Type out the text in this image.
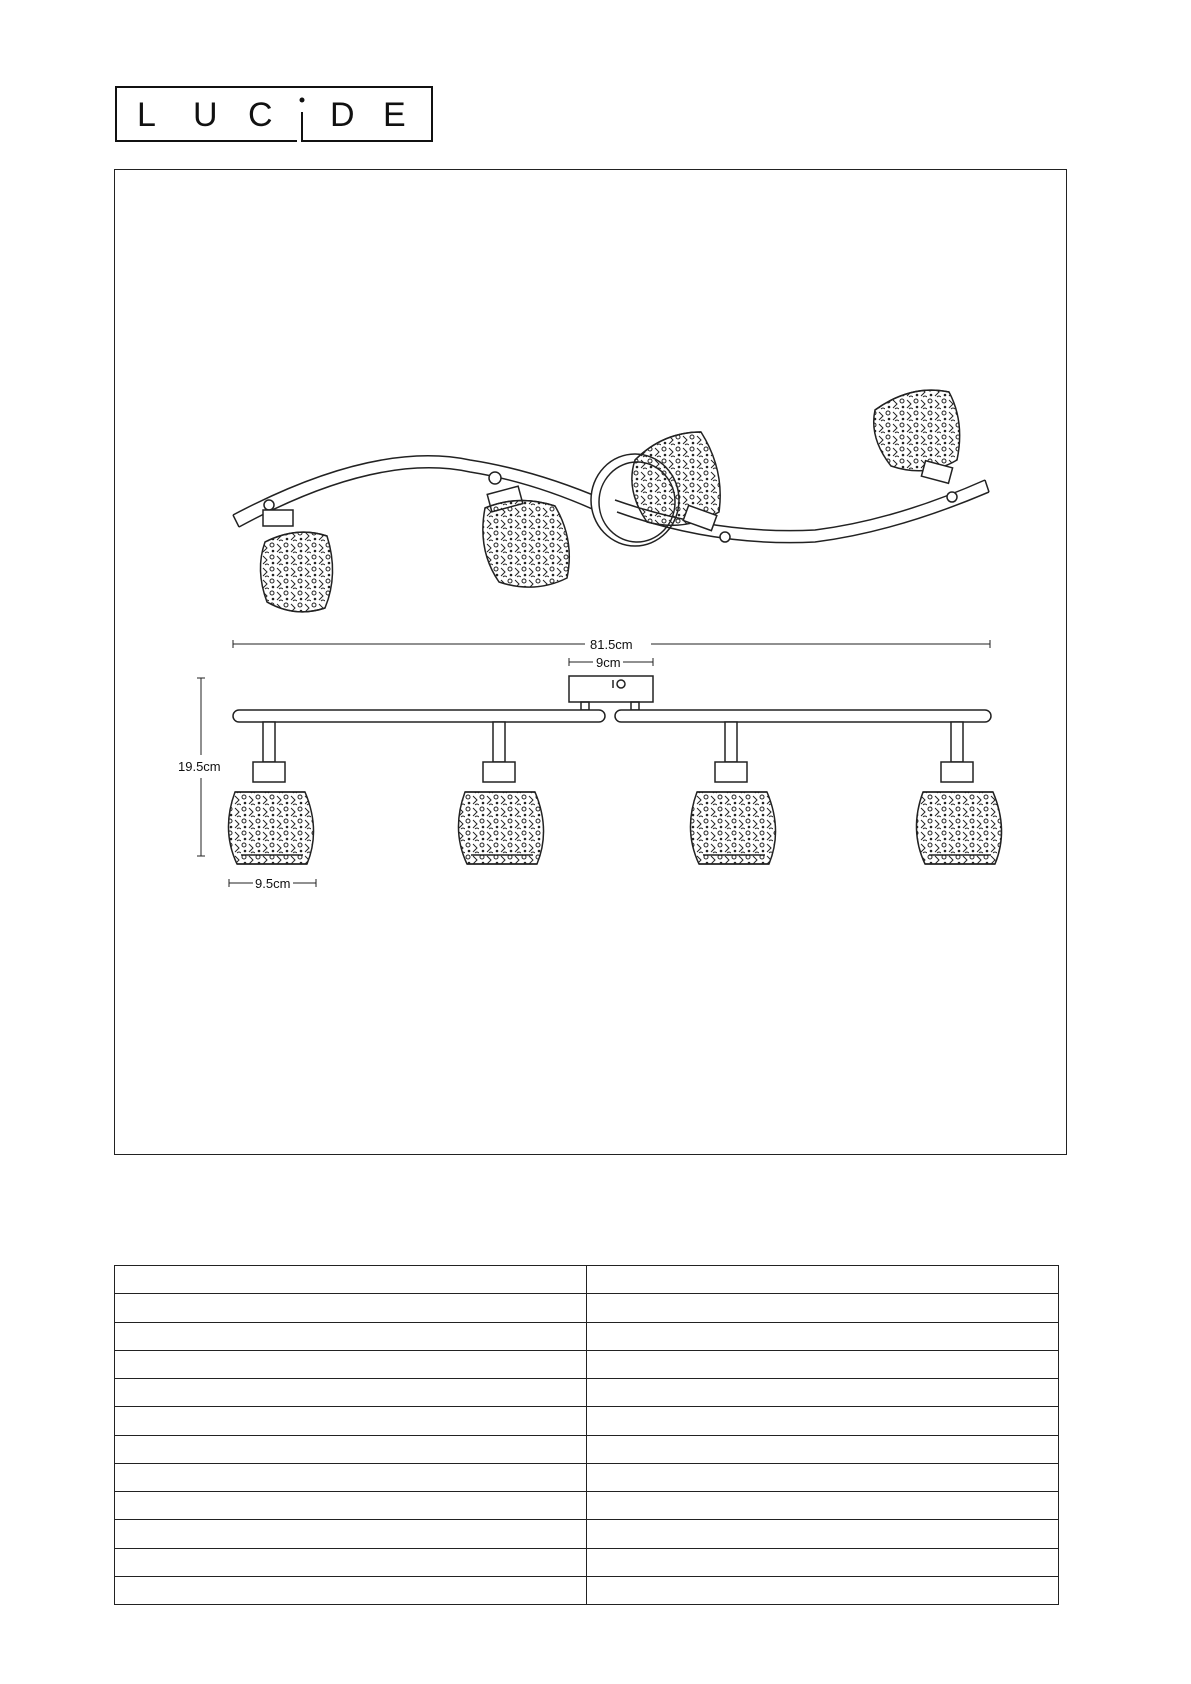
L U C D E
81.5cm
9cm
19.5cm
9.5cm
